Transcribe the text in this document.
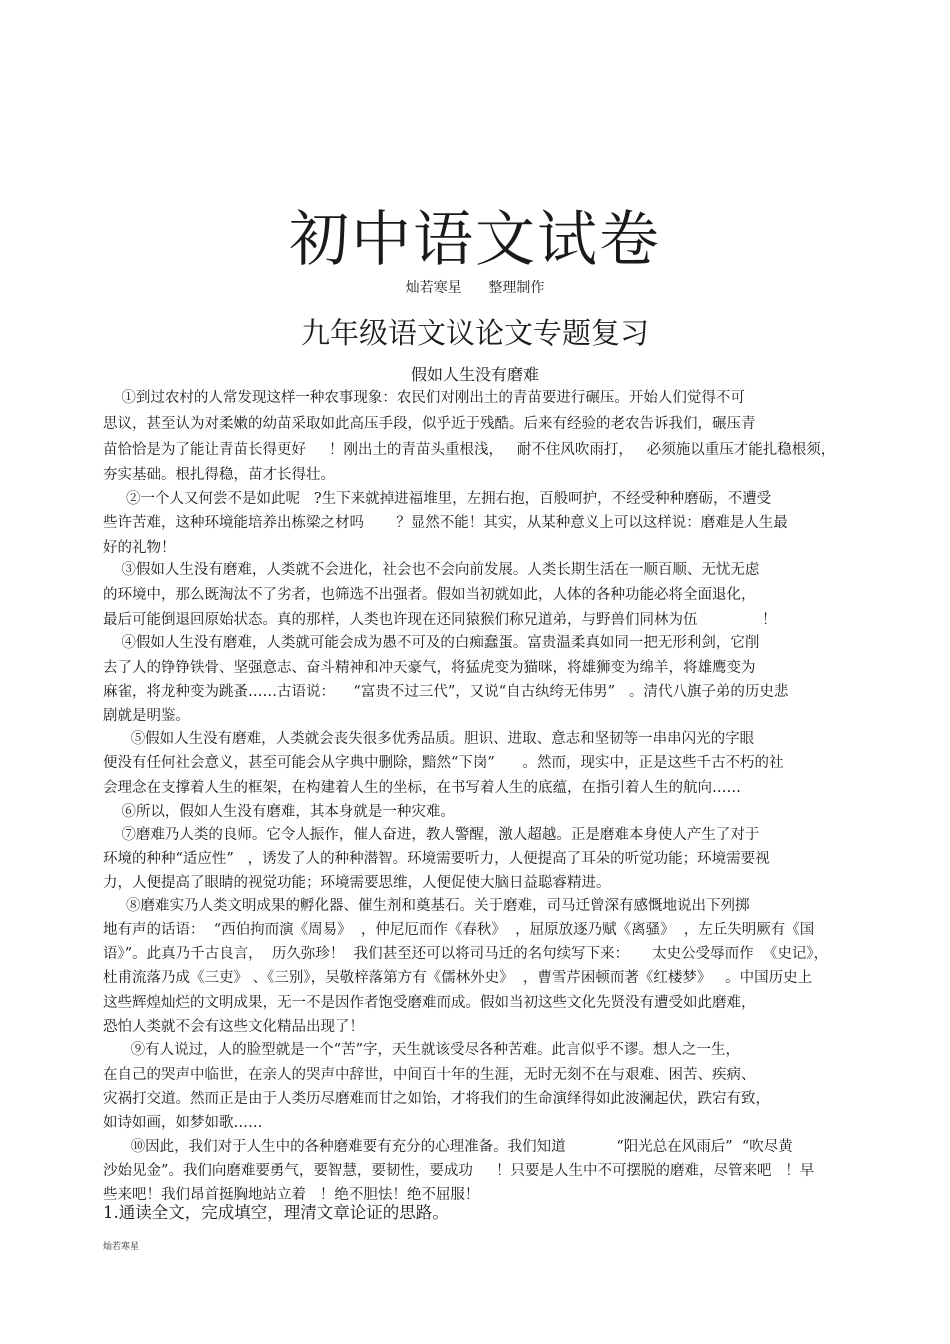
初中语文试卷
灿若寒星      整理制作
九年级语文议论文专题复习
假如人生没有磨难
①到过农村的人常发现这样一种农事现象：农民们对刚出土的青苗要进行碾压。开始人们觉得不可
思议，甚至认为对柔嫩的幼苗采取如此高压手段，似乎近于残酷。后来有经验的老农告诉我们，碾压青
苗恰恰是为了能让青苗长得更好     ！刚出土的青苗头重根浅，   耐不住风吹雨打，   必须施以重压才能扎稳根须，
夯实基础。根扎得稳，苗才长得壮。
②一个人又何尝不是如此呢   ?生下来就掉进福堆里，左拥右抱，百般呵护，不经受种种磨砺，不遭受
些许苦难，这种环境能培养出栋梁之材吗       ？显然不能！其实，从某种意义上可以这样说：磨难是人生最
好的礼物！
③假如人生没有磨难，人类就不会进化，社会也不会向前发展。人类长期生活在一顺百顺、无忧无虑
的环境中，那么既淘汰不了劣者，也筛选不出强者。假如当初就如此，人体的各种功能必将全面退化，
最后可能倒退回原始状态。真的那样，人类也许现在还同猿猴们称兄道弟，与野兽们同林为伍              ！
④假如人生没有磨难，人类就可能会成为愚不可及的白痴蠢蛋。富贵温柔真如同一把无形利剑，它削
去了人的铮铮铁骨、坚强意志、奋斗精神和冲天豪气，将猛虎变为猫咪，将雄狮变为绵羊，将雄鹰变为
麻雀，将龙种变为跳蚤……古语说：    “富贵不过三代”，又说“自古纨绔无伟男”   。清代八旗子弟的历史悲
剧就是明鉴。
⑤假如人生没有磨难，人类就会丧失很多优秀品质。胆识、进取、意志和坚韧等一串串闪光的字眼
便没有任何社会意义，甚至可能会从字典中删除，黯然“下岗”      。然而，现实中，正是这些千古不朽的社
会理念在支撑着人生的框架，在构建着人生的坐标，在书写着人生的底蕴，在指引着人生的航向……
⑥所以，假如人生没有磨难，其本身就是一种灾难。
⑦磨难乃人类的良师。它令人振作，催人奋进，教人警醒，激人超越。正是磨难本身使人产生了对于
环境的种种“适应性”   ，诱发了人的种种潜智。环境需要听力，人便提高了耳朵的听觉功能；环境需要视
力，人便提高了眼睛的视觉功能；环境需要思维，人便促使大脑日益聪睿精进。
⑧磨难实乃人类文明成果的孵化器、催生剂和奠基石。关于磨难，司马迁曾深有感慨地说出下列掷
地有声的话语：  “西伯拘而演《周易》  ，仲尼厄而作《春秋》  ，屈原放逐乃赋《离骚》  ，左丘失明厥有《国
语》”。此真乃千古良言，  历久弥珍！  我们甚至还可以将司马迁的名句续写下来：     太史公受辱而作  《史记》，
杜甫流落乃成《三吏》 、《三别》，吴敬梓落第方有《儒林外史》  ，曹雪芹困顿而著《红楼梦》   。中国历史上
这些辉煌灿烂的文明成果，无一不是因作者饱受磨难而成。假如当初这些文化先贤没有遭受如此磨难，
恐怕人类就不会有这些文化精品出现了！
⑨有人说过，人的脸型就是一个“苦”字，天生就该受尽各种苦难。此言似乎不谬。想人之一生，
在自己的哭声中临世，在亲人的哭声中辞世，中间百十年的生涯，无时无刻不在与艰难、困苦、疾病、
灾祸打交道。然而正是由于人类历尽磨难而甘之如饴，才将我们的生命演绎得如此波澜起伏，跌宕有致，
如诗如画，如梦如歌……
⑩因此，我们对于人生中的各种磨难要有充分的心理准备。我们知道           “阳光总在风雨后”  “吹尽黄
沙始见金”。我们向磨难要勇气，要智慧，要韧性，要成功     ！只要是人生中不可摆脱的磨难，尽管来吧   ！早
些来吧！我们昂首挺胸地站立着   ！绝不胆怯！绝不屈服！
1.通读全文，完成填空，理清文章论证的思路。
灿若寒星
